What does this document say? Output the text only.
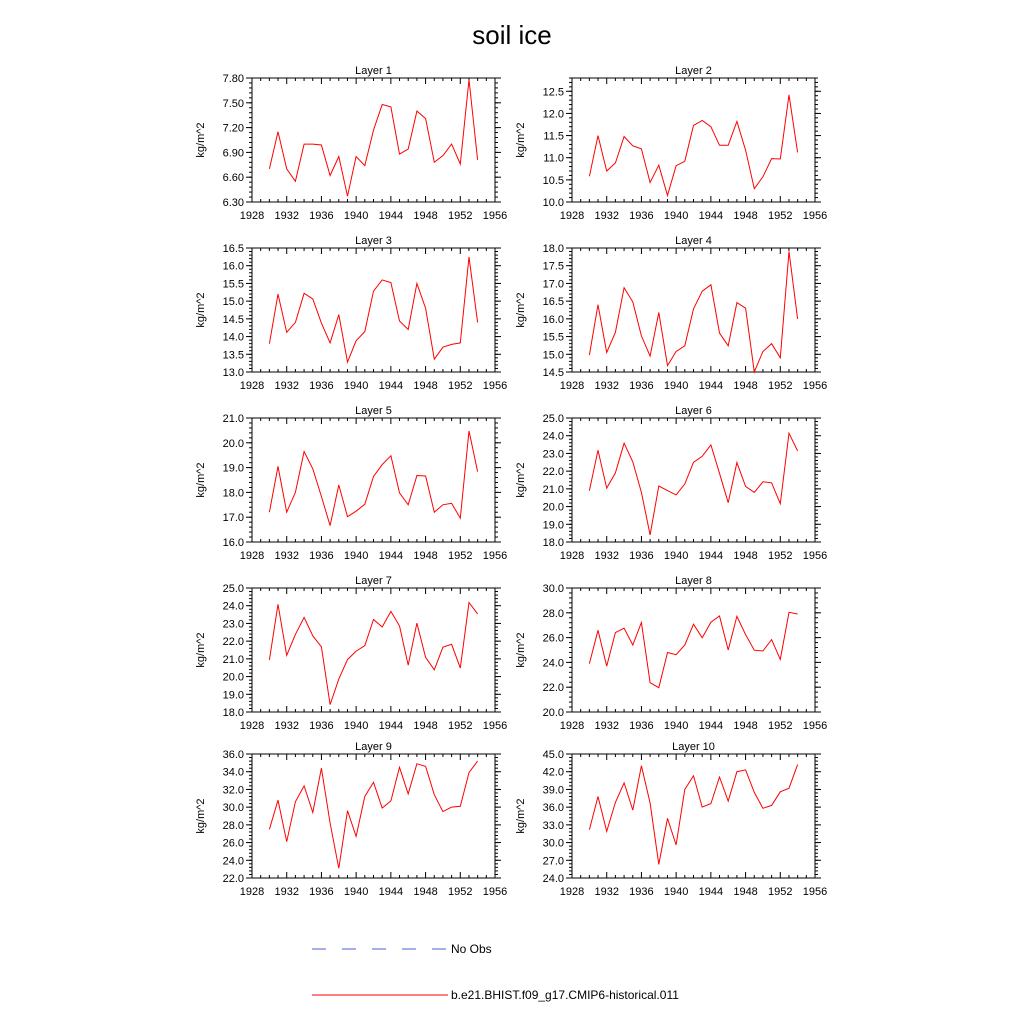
soil ice
Layer 1
1928 1932 1936 1940 1944 1948 1952 1956
6.30
6.60
6.90
7.20
7.50
7.80
kg/m^2
Layer 2
1928 1932 1936 1940 1944 1948 1952 1956
10.0
10.5
11.0
11.5
12.0
12.5
kg/m^2
Layer 3
1928 1932 1936 1940 1944 1948 1952 1956
13.0
13.5
14.0
14.5
15.0
15.5
16.0
16.5
kg/m^2
Layer 4
1928 1932 1936 1940 1944 1948 1952 1956
14.5
15.0
15.5
16.0
16.5
17.0
17.5
18.0
kg/m^2
Layer 5
1928 1932 1936 1940 1944 1948 1952 1956
16.0
17.0
18.0
19.0
20.0
21.0
kg/m^2
Layer 6
1928 1932 1936 1940 1944 1948 1952 1956
18.0
19.0
20.0
21.0
22.0
23.0
24.0
25.0
kg/m^2
Layer 7
1928 1932 1936 1940 1944 1948 1952 1956
18.0
19.0
20.0
21.0
22.0
23.0
24.0
25.0
kg/m^2
Layer 8
1928 1932 1936 1940 1944 1948 1952 1956
20.0
22.0
24.0
26.0
28.0
30.0
kg/m^2
Layer 9
1928 1932 1936 1940 1944 1948 1952 1956
22.0
24.0
26.0
28.0
30.0
32.0
34.0
36.0
kg/m^2
Layer 10
1928 1932 1936 1940 1944 1948 1952 1956
24.0
27.0
30.0
33.0
36.0
39.0
42.0
45.0
kg/m^2
No Obs
b.e21.BHIST.f09_g17.CMIP6-historical.011
